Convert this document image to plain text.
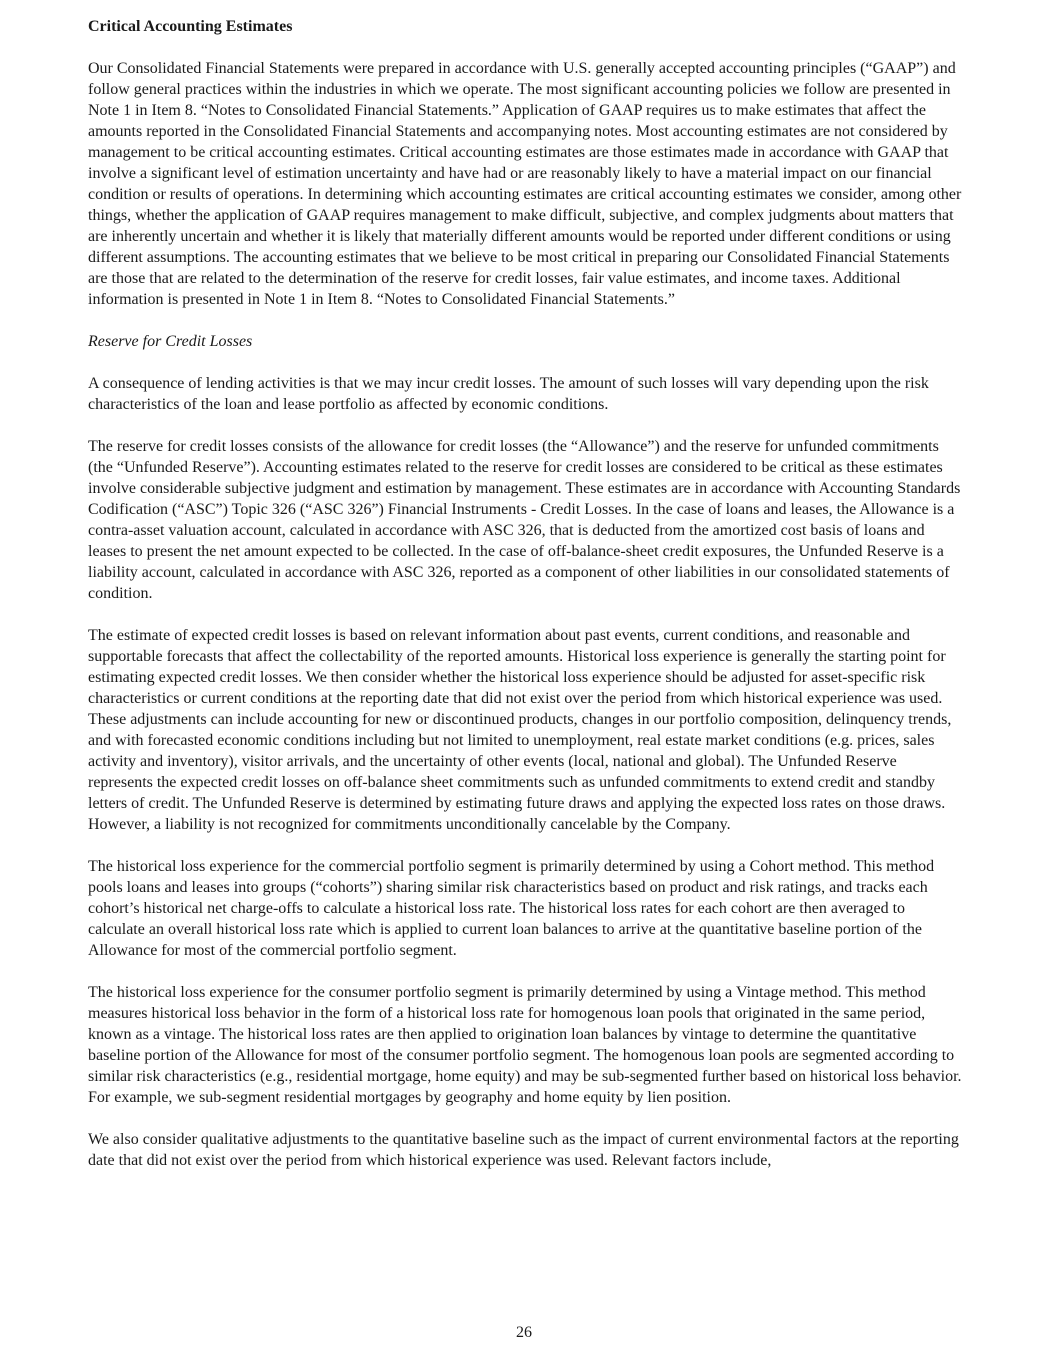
Critical Accounting Estimates

Our Consolidated Financial Statements were prepared in accordance with U.S. generally accepted accounting principles (“GAAP”) and follow general practices within the industries in which we operate. The most significant accounting policies we follow are presented in Note 1 in Item 8. “Notes to Consolidated Financial Statements.” Application of GAAP requires us to make estimates that affect the amounts reported in the Consolidated Financial Statements and accompanying notes. Most accounting estimates are not considered by management to be critical accounting estimates. Critical accounting estimates are those estimates made in accordance with GAAP that involve a significant level of estimation uncertainty and have had or are reasonably likely to have a material impact on our financial condition or results of operations. In determining which accounting estimates are critical accounting estimates we consider, among other things, whether the application of GAAP requires management to make difficult, subjective, and complex judgments about matters that are inherently uncertain and whether it is likely that materially different amounts would be reported under different conditions or using different assumptions. The accounting estimates that we believe to be most critical in preparing our Consolidated Financial Statements are those that are related to the determination of the reserve for credit losses, fair value estimates, and income taxes. Additional information is presented in Note 1 in Item 8. “Notes to Consolidated Financial Statements.”

Reserve for Credit Losses

A consequence of lending activities is that we may incur credit losses. The amount of such losses will vary depending upon the risk characteristics of the loan and lease portfolio as affected by economic conditions.

The reserve for credit losses consists of the allowance for credit losses (the “Allowance”) and the reserve for unfunded commitments (the “Unfunded Reserve”). Accounting estimates related to the reserve for credit losses are considered to be critical as these estimates involve considerable subjective judgment and estimation by management. These estimates are in accordance with Accounting Standards Codification (“ASC”) Topic 326 (“ASC 326”) Financial Instruments - Credit Losses. In the case of loans and leases, the Allowance is a contra-asset valuation account, calculated in accordance with ASC 326, that is deducted from the amortized cost basis of loans and leases to present the net amount expected to be collected. In the case of off-balance-sheet credit exposures, the Unfunded Reserve is a liability account, calculated in accordance with ASC 326, reported as a component of other liabilities in our consolidated statements of condition.

The estimate of expected credit losses is based on relevant information about past events, current conditions, and reasonable and supportable forecasts that affect the collectability of the reported amounts. Historical loss experience is generally the starting point for estimating expected credit losses. We then consider whether the historical loss experience should be adjusted for asset-specific risk characteristics or current conditions at the reporting date that did not exist over the period from which historical experience was used. These adjustments can include accounting for new or discontinued products, changes in our portfolio composition, delinquency trends, and with forecasted economic conditions including but not limited to unemployment, real estate market conditions (e.g. prices, sales activity and inventory), visitor arrivals, and the uncertainty of other events (local, national and global). The Unfunded Reserve represents the expected credit losses on off-balance sheet commitments such as unfunded commitments to extend credit and standby letters of credit. The Unfunded Reserve is determined by estimating future draws and applying the expected loss rates on those draws. However, a liability is not recognized for commitments unconditionally cancelable by the Company.

The historical loss experience for the commercial portfolio segment is primarily determined by using a Cohort method. This method pools loans and leases into groups (“cohorts”) sharing similar risk characteristics based on product and risk ratings, and tracks each cohort’s historical net charge-offs to calculate a historical loss rate. The historical loss rates for each cohort are then averaged to calculate an overall historical loss rate which is applied to current loan balances to arrive at the quantitative baseline portion of the Allowance for most of the commercial portfolio segment.

The historical loss experience for the consumer portfolio segment is primarily determined by using a Vintage method. This method measures historical loss behavior in the form of a historical loss rate for homogenous loan pools that originated in the same period, known as a vintage. The historical loss rates are then applied to origination loan balances by vintage to determine the quantitative baseline portion of the Allowance for most of the consumer portfolio segment. The homogenous loan pools are segmented according to similar risk characteristics (e.g., residential mortgage, home equity) and may be sub-segmented further based on historical loss behavior. For example, we sub-segment residential mortgages by geography and home equity by lien position.

We also consider qualitative adjustments to the quantitative baseline such as the impact of current environmental factors at the reporting date that did not exist over the period from which historical experience was used. Relevant factors include,

26
